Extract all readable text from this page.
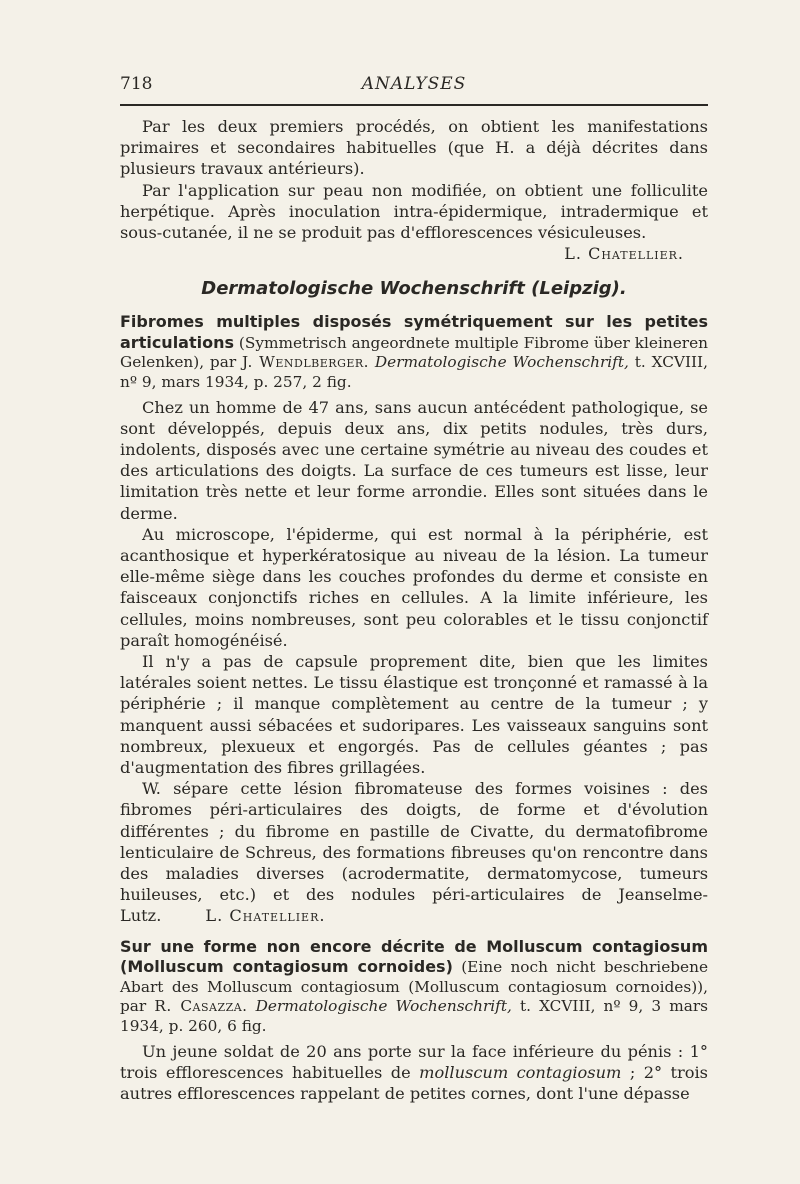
718	ANALYSES

Par les deux premiers procédés, on obtient les manifestations primaires et secondaires habituelles (que H. a déjà décrites dans plusieurs travaux antérieurs).

Par l'application sur peau non modifiée, on obtient une folliculite herpétique. Après inoculation intra-épidermique, intradermique et sous-cutanée, il ne se produit pas d'efflorescences vésiculeuses.

L. Chatellier.
Dermatologische Wochenschrift (Leipzig).
Fibromes multiples disposés symétriquement sur les petites articulations (Symmetrisch angeordnete multiple Fibrome über kleineren Gelenken), par J. Wendlberger. Dermatologische Wochenschrift, t. XCVIII, nº 9, mars 1934, p. 257, 2 fig.

Chez un homme de 47 ans, sans aucun antécédent pathologique, se sont développés, depuis deux ans, dix petits nodules, très durs, indolents, disposés avec une certaine symétrie au niveau des coudes et des articulations des doigts. La surface de ces tumeurs est lisse, leur limitation très nette et leur forme arrondie. Elles sont situées dans le derme.

Au microscope, l'épiderme, qui est normal à la périphérie, est acanthosique et hyperkératosique au niveau de la lésion. La tumeur elle-même siège dans les couches profondes du derme et consiste en faisceaux conjonctifs riches en cellules. A la limite inférieure, les cellules, moins nombreuses, sont peu colorables et le tissu conjonctif paraît homogénéisé.

Il n'y a pas de capsule proprement dite, bien que les limites latérales soient nettes. Le tissu élastique est tronçonné et ramassé à la périphérie ; il manque complètement au centre de la tumeur ; y manquent aussi sébacées et sudoripares. Les vaisseaux sanguins sont nombreux, plexueux et engorgés. Pas de cellules géantes ; pas d'augmentation des fibres grillagées.

W. sépare cette lésion fibromateuse des formes voisines : des fibromes péri-articulaires des doigts, de forme et d'évolution différentes ; du fibrome en pastille de Civatte, du dermatofibrome lenticulaire de Schreus, des formations fibreuses qu'on rencontre dans des maladies diverses (acrodermatite, dermatomycose, tumeurs huileuses, etc.) et des nodules péri-articulaires de Jeanselme-Lutz.	L. Chatellier.

Sur une forme non encore décrite de Molluscum contagiosum (Molluscum contagiosum cornoides) (Eine noch nicht beschriebene Abart des Molluscum contagiosum (Molluscum contagiosum cornoides)), par R. Casazza. Dermatologische Wochenschrift, t. XCVIII, nº 9, 3 mars 1934, p. 260, 6 fig.

Un jeune soldat de 20 ans porte sur la face inférieure du pénis : 1° trois efflorescences habituelles de molluscum contagiosum ; 2° trois autres efflorescences rappelant de petites cornes, dont l'une dépasse
